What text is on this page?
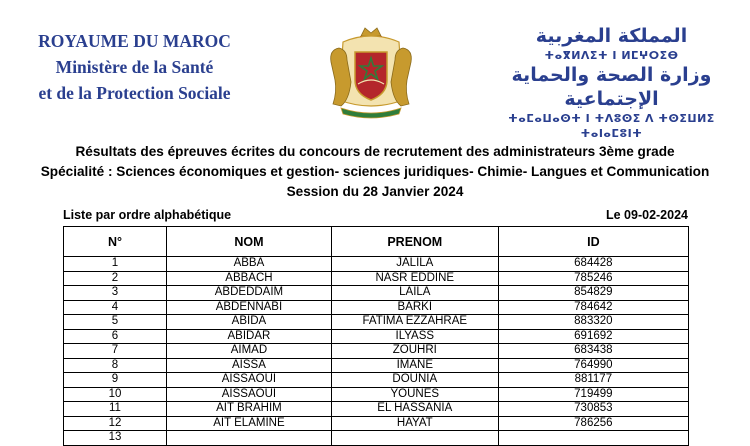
ROYAUME DU MAROC
Ministère de la Santé
et de la Protection Sociale
المملكة المغربية
ⵜⴰⴳⵍⴷⵉⵜ ⵏ ⵍⵎⵖⵔⵉⴱ
وزارة الصحة والحماية الإجتماعية
ⵜⴰⵎⴰⵡⴰⵙⵜ ⵏ ⵜⴷⵓⵙⵉ ⴷ ⵜⵙⵉⵡⵍⵉ ⵜⴰⵏⴰⵎⵓⵏⵜ
Résultats des épreuves écrites du concours de recrutement des administrateurs 3ème grade
Spécialité : Sciences économiques et gestion- sciences juridiques- Chimie- Langues et Communication
Session du 28 Janvier 2024
Liste par ordre alphabétique	Le 09-02-2024
N°	NOM	PRENOM	ID
1	ABBA	JALILA	684428
2	ABBACH	NASR EDDINE	785246
3	ABDEDDAIM	LAILA	854829
4	ABDENNABI	BARKI	784642
5	ABIDA	FATIMA EZZAHRAE	883320
6	ABIDAR	ILYASS	691692
7	AIMAD	ZOUHRI	683438
8	AISSA	IMANE	764990
9	AISSAOUI	DOUNIA	881177
10	AISSAOUI	YOUNES	719499
11	AIT BRAHIM	EL HASSANIA	730853
12	AIT ELAMINE	HAYAT	786256
13			
